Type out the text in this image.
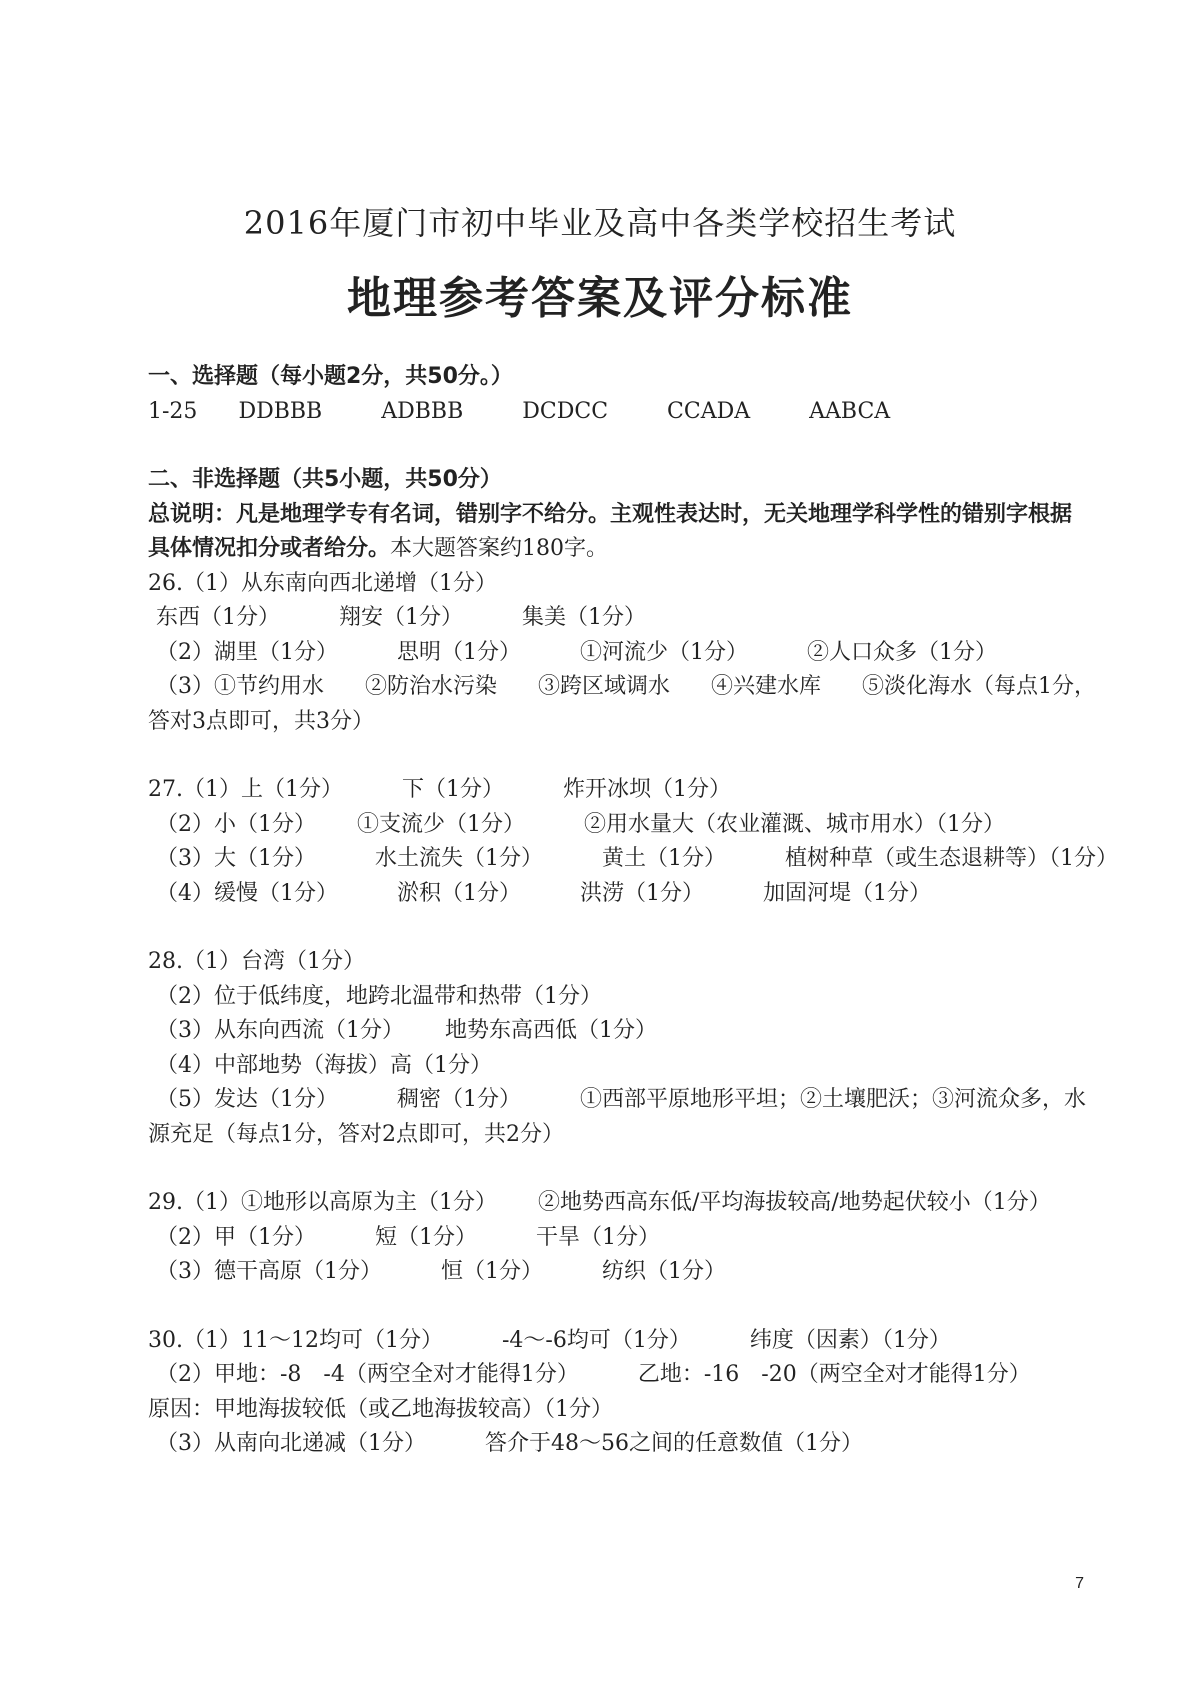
2016年厦门市初中毕业及高中各类学校招生考试
地理参考答案及评分标准
一、选择题（每小题2分，共50分。）
1-25 DDBBB	ADBBB	DCDCC	CCADA	AABCA
二、非选择题（共5小题，共50分）
总说明：凡是地理学专有名词，错别字不给分。主观性表达时，无关地理学科学性的错别字根据具体情况扣分或者给分。本大题答案约180字。
26.（1）从东南向西北递增（1分）
东西（1分）	翔安（1分）	集美（1分）
（2）湖里（1分）	思明（1分）	①河流少（1分）	②人口众多（1分）
（3）①节约用水 ②防治水污染 ③跨区域调水 ④兴建水库 ⑤淡化海水（每点1分，
答对3点即可，共3分）
27.（1）上（1分）	下（1分）	炸开冰坝（1分）
（2）小（1分） ①支流少（1分）	②用水量大（农业灌溉、城市用水）（1分）
（3）大（1分）	水土流失（1分）	黄土（1分）	植树种草（或生态退耕等）（1分）
（4）缓慢（1分）	淤积（1分）	洪涝（1分）	加固河堤（1分）
28.（1）台湾（1分）
（2）位于低纬度，地跨北温带和热带（1分）
（3）从东向西流（1分） 地势东高西低（1分）
（4）中部地势（海拔）高（1分）
（5）发达（1分）	稠密（1分）	①西部平原地形平坦；②土壤肥沃；③河流众多，水
源充足（每点1分，答对2点即可，共2分）
29.（1）①地形以高原为主（1分） ②地势西高东低/平均海拔较高/地势起伏较小（1分）
（2）甲（1分）	短（1分）	干旱（1分）
（3）德干高原（1分）	恒（1分）	纺织（1分）
30.（1）11～12均可（1分）	-4～-6均可（1分）	纬度（因素）（1分）
（2）甲地：-8　-4（两空全对才能得1分）	乙地：-16　-20（两空全对才能得1分）
原因：甲地海拔较低（或乙地海拔较高）（1分）
（3）从南向北递减（1分）	答介于48～56之间的任意数值（1分）
7
